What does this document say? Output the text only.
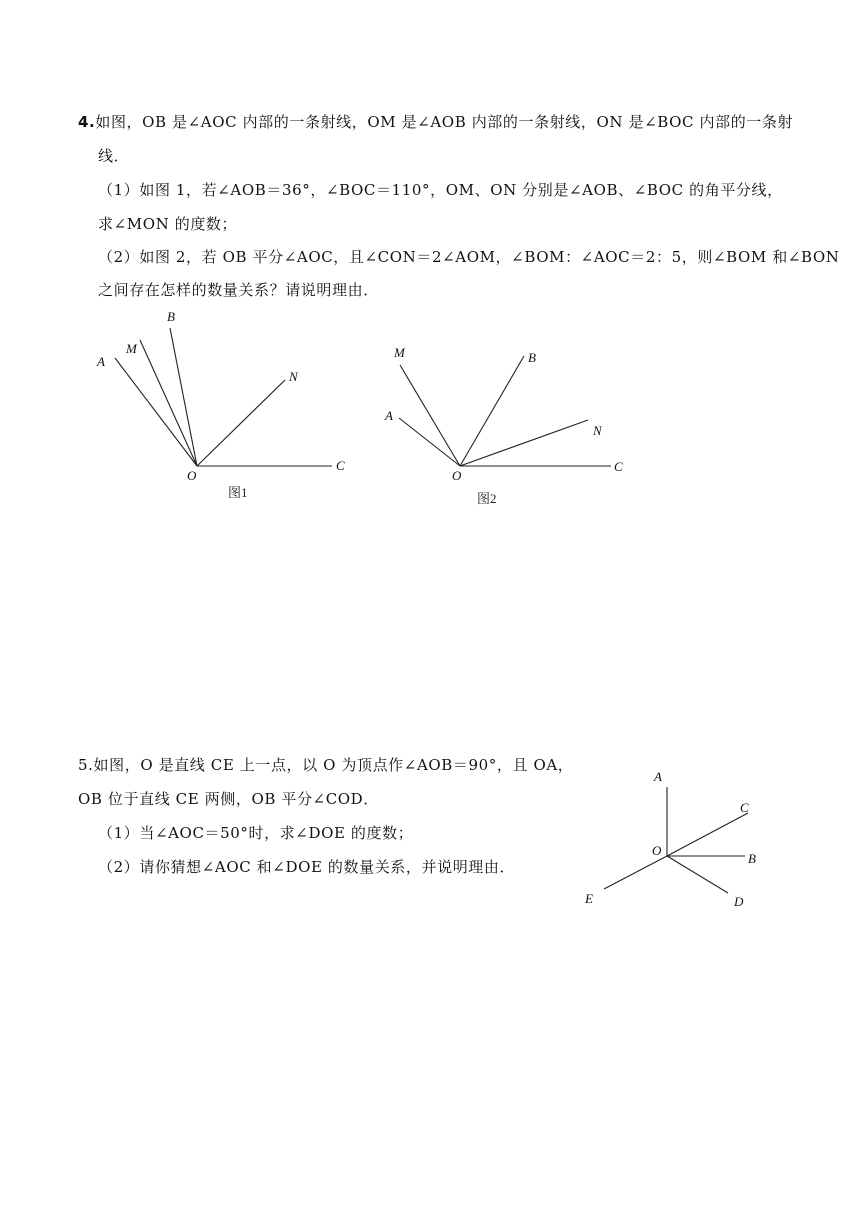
4.如图，OB 是∠AOC 内部的一条射线，OM 是∠AOB 内部的一条射线，ON 是∠BOC 内部的一条射
线．
（1）如图 1，若∠AOB＝36°，∠BOC＝110°，OM、ON 分别是∠AOB、∠BOC 的角平分线，
求∠MON 的度数；
（2）如图 2，若 OB 平分∠AOC，且∠CON＝2∠AOM，∠BOM：∠AOC＝2：5，则∠BOM 和∠BON
之间存在怎样的数量关系？请说明理由．
5.如图，O 是直线 CE 上一点，以 O 为顶点作∠AOB＝90°，且 OA，
OB 位于直线 CE 两侧，OB 平分∠COD．
（1）当∠AOC＝50°时，求∠DOE 的度数；
（2）请你猜想∠AOC 和∠DOE 的数量关系，并说明理由．
A
M
B
N
O
C
图1
M	B
A
N
O
C
图2
A
C
O
B
E	D
